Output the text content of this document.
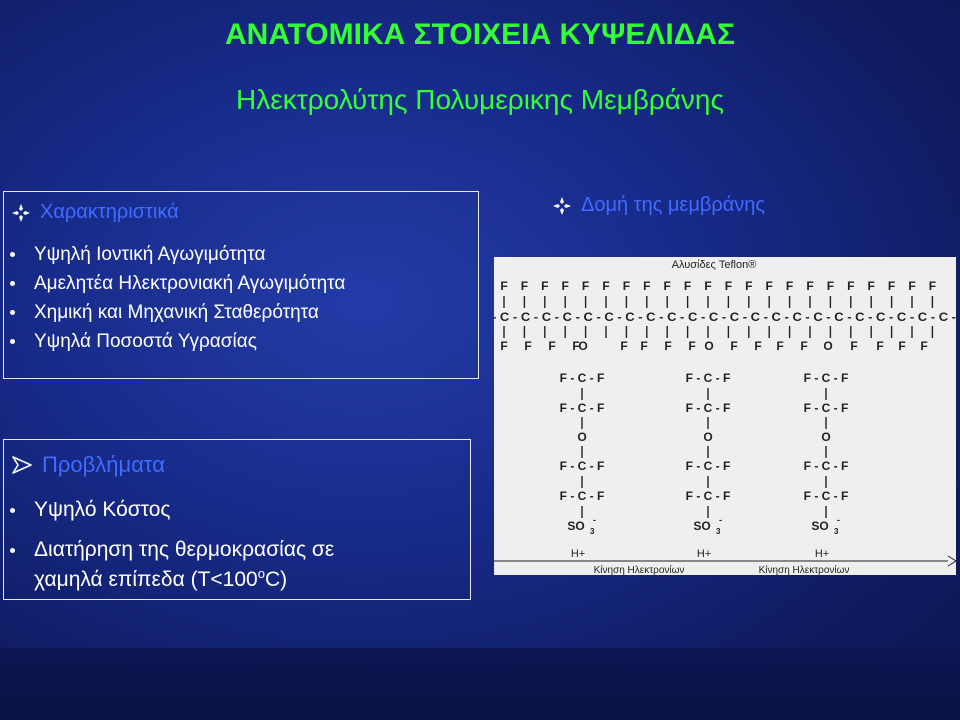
ΑΝΑΤΟΜΙΚΑ ΣΤΟΙΧΕΙΑ ΚΥΨΕΛΙΔΑΣ
Ηλεκτρολύτης Πολυμερικης Μεμβράνης
Χαρακτηριστικά
Υψηλή Ιοντική Αγωγιμότητα
Αμελητέα Ηλεκτρονιακή Αγωγιμότητα
Χημική και Μηχανική Σταθερότητα
Υψηλά Ποσοστά Υγρασίας
Προβλήματα
Υψηλό Κόστος
Διατήρηση της θερμοκρασίας σε
χαμηλά επίπεδα $(T<100^oC)$
Δομή της μεμβράνης
Αλυσίδες Teflon®
F F F F F F F F F F F F F F F F F F F F F F
- C - C - C - C - C - C - C - C - C - C - C - C - C - C - C - C - C - C - C - C - C - C -
F F F F
O	F F F F O F F F F O F F F F
F - C - F
F - C - F
O
F - C - F
F - C - F
SO 3
-
H+
F - C - F
F - C - F
O
F - C - F
F - C - F
SO 3
-
H+
F - C - F
F - C - F
O
F - C - F
F - C - F
SO 3
-
H+
Κίνηση Ηλεκτρονίων	Κίνηση Ηλεκτρονίων
